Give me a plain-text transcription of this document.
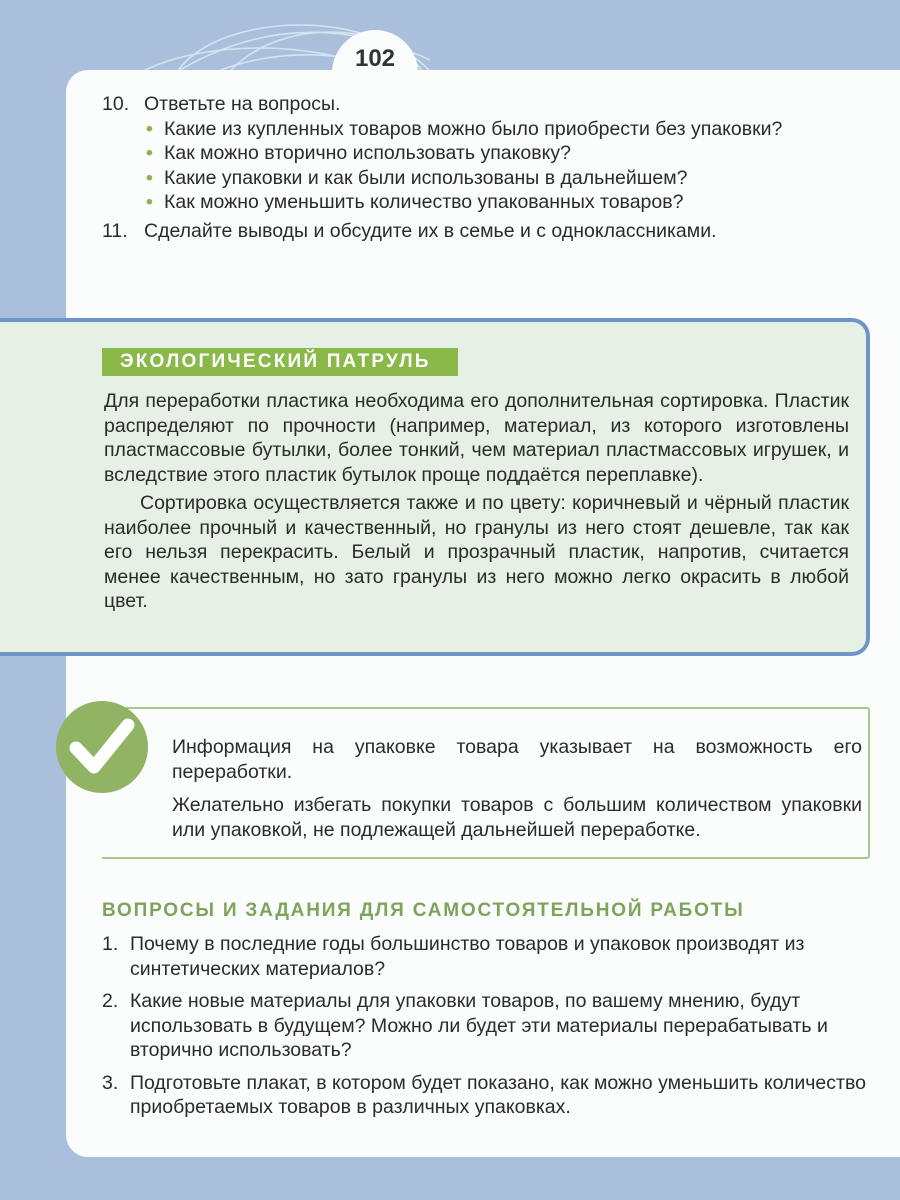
102
10. Ответьте на вопросы.
• Какие из купленных товаров можно было приобрести без упаковки?
• Как можно вторично использовать упаковку?
• Какие упаковки и как были использованы в дальнейшем?
• Как можно уменьшить количество упакованных товаров?
11. Сделайте выводы и обсудите их в семье и с одноклассниками.
ЭКОЛОГИЧЕСКИЙ ПАТРУЛЬ

Для переработки пластика необходима его дополнительная сортировка. Пластик распределяют по прочности (например, материал, из которого изготовлены пластмассовые бутылки, более тонкий, чем материал пластмассовых игрушек, и вследствие этого пластик бутылок проще поддаётся переплавке).

Сортировка осуществляется также и по цвету: коричневый и чёрный пластик наиболее прочный и качественный, но гранулы из него стоят дешевле, так как его нельзя перекрасить. Белый и прозрачный пластик, напротив, считается менее качественным, но зато гранулы из него можно легко окрасить в любой цвет.

Информация на упаковке товара указывает на возможность его переработки.

Желательно избегать покупки товаров с большим количеством упаковки или упаковкой, не подлежащей дальнейшей переработке.

ВОПРОСЫ И ЗАДАНИЯ ДЛЯ САМОСТОЯТЕЛЬНОЙ РАБОТЫ
1. Почему в последние годы большинство товаров и упаковок производят из синтетических материалов?
2. Какие новые материалы для упаковки товаров, по вашему мнению, будут использовать в будущем? Можно ли будет эти материалы перерабатывать и вторично использовать?
3. Подготовьте плакат, в котором будет показано, как можно уменьшить количество приобретаемых товаров в различных упаковках.
